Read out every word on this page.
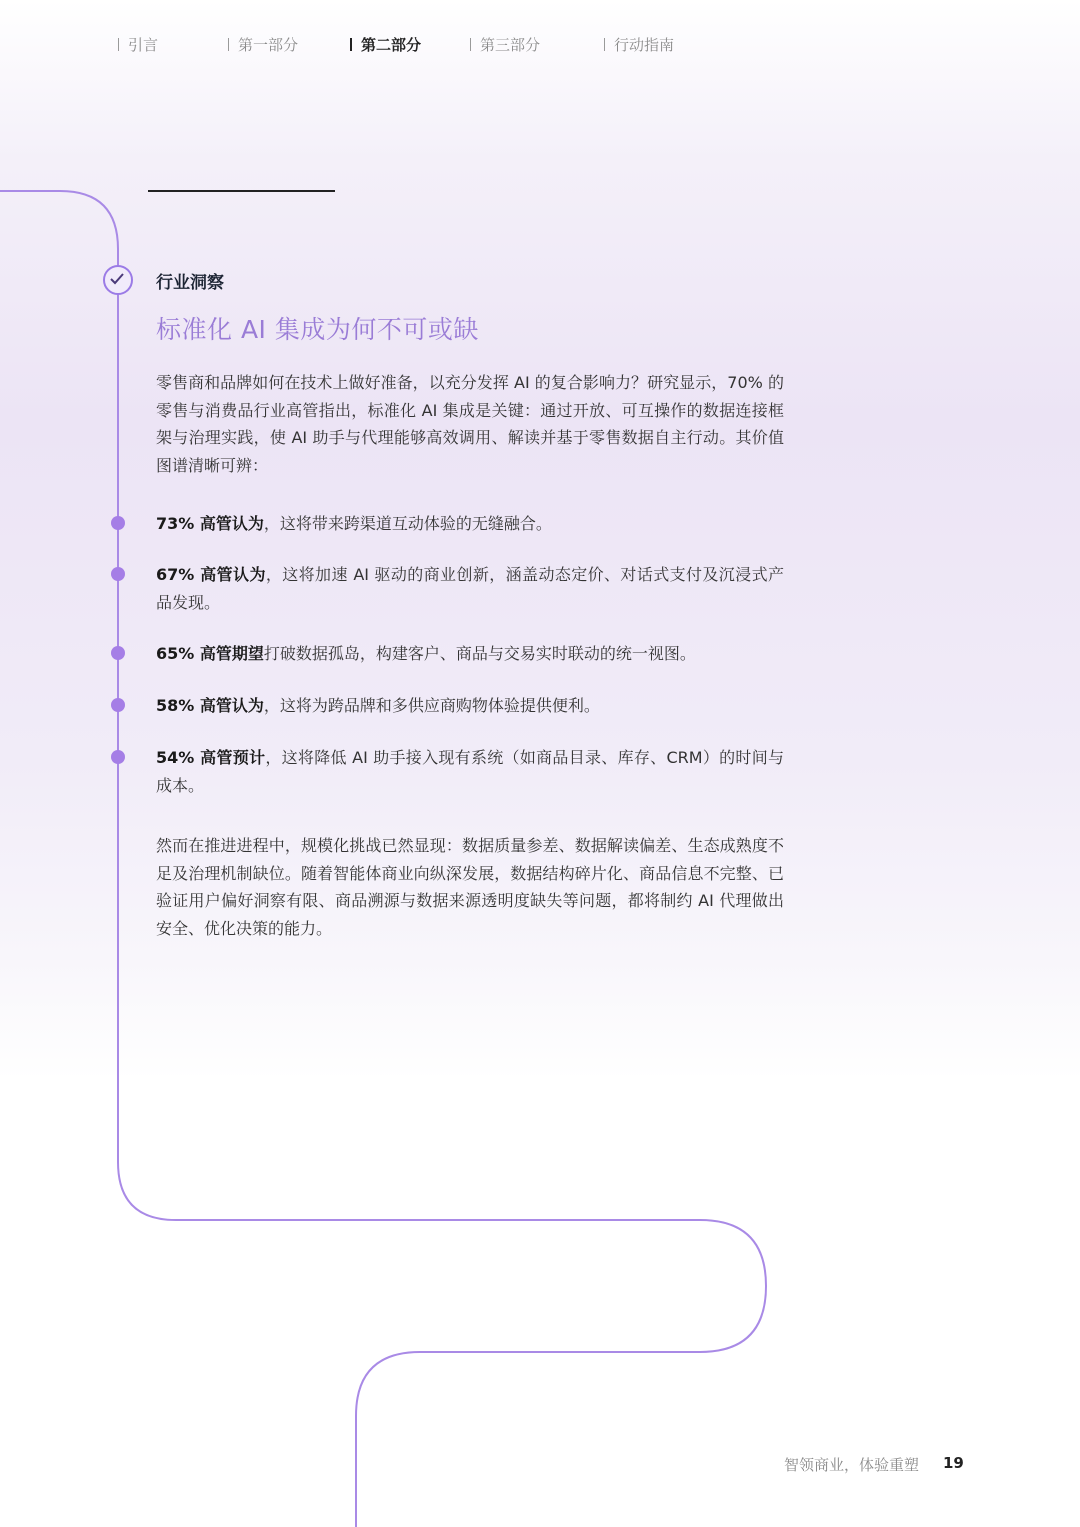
引言	第一部分	第二部分	第三部分	行动指南
行业洞察
标准化 AI 集成为何不可或缺
零售商和品牌如何在技术上做好准备，以充分发挥 AI 的复合影响力？研究显示，70% 的零售与消费品行业高管指出，标准化 AI 集成是关键：通过开放、可互操作的数据连接框架与治理实践，使 AI 助手与代理能够高效调用、解读并基于零售数据自主行动。其价值图谱清晰可辨：
73% 高管认为，这将带来跨渠道互动体验的无缝融合。
67% 高管认为，这将加速 AI 驱动的商业创新，涵盖动态定价、对话式支付及沉浸式产品发现。
65% 高管期望打破数据孤岛，构建客户、商品与交易实时联动的统一视图。
58% 高管认为，这将为跨品牌和多供应商购物体验提供便利。
54% 高管预计，这将降低 AI 助手接入现有系统（如商品目录、库存、CRM）的时间与成本。
然而在推进进程中，规模化挑战已然显现：数据质量参差、数据解读偏差、生态成熟度不足及治理机制缺位。随着智能体商业向纵深发展，数据结构碎片化、商品信息不完整、已验证用户偏好洞察有限、商品溯源与数据来源透明度缺失等问题，都将制约 AI 代理做出安全、优化决策的能力。
智领商业，体验重塑 19
